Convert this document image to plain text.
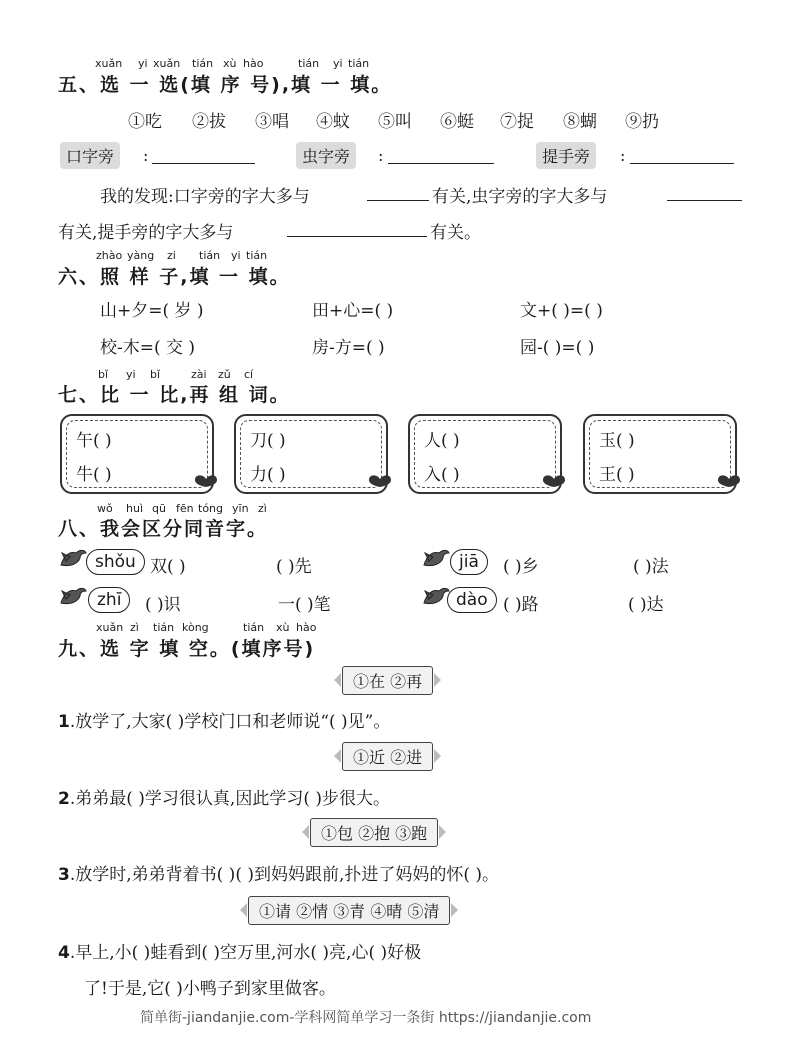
xuǎn yi xuǎn tián xù hào	tián yi tián
五、选 一 选(填 序 号),填 一 填。
①吃 ②拔 ③唱 ④蚊 ⑤叫 ⑥蜓 ⑦捉 ⑧蝴 ⑨扔
口字旁	:	虫字旁	:	提手旁	:
我的发现:口字旁的字大多与	有关,虫字旁的字大多与
有关,提手旁的字大多与	有关。
zhào yàng zi tián yi tián
六、照 样 子,填 一 填。
山+夕=( 岁 )	田+心=( )	文+( )=( )
校-木=( 交 )	房-方=( )	园-( )=( )
bǐ yi bǐ	zài zǔ cí
七、比 一 比,再 组 词。
午( )
牛( )
刀( )
力( )
人( )
入( )
玉( )
王( )
wǒ huì qū fēn tóng yīn zì
八、我会区分同音字。
shǒu 双( )	( )先	jiā	( )乡	( )法
zhī	( )识	一( )笔	dào ( )路	( )达
xuǎn zì tián kòng	tián xù hào
九、选 字 填 空。(填序号)
①在 ②再
1.放学了,大家( )学校门口和老师说“( )见”。
①近 ②进
2.弟弟最( )学习很认真,因此学习( )步很大。
①包 ②抱 ③跑
3.放学时,弟弟背着书( )( )到妈妈跟前,扑进了妈妈的怀( )。
①请 ②情 ③青 ④晴 ⑤清
4.早上,小( )蛙看到( )空万里,河水( )亮,心( )好极
了!于是,它( )小鸭子到家里做客。
简单街-jiandanjie.com-学科网简单学习一条街 https://jiandanjie.com
